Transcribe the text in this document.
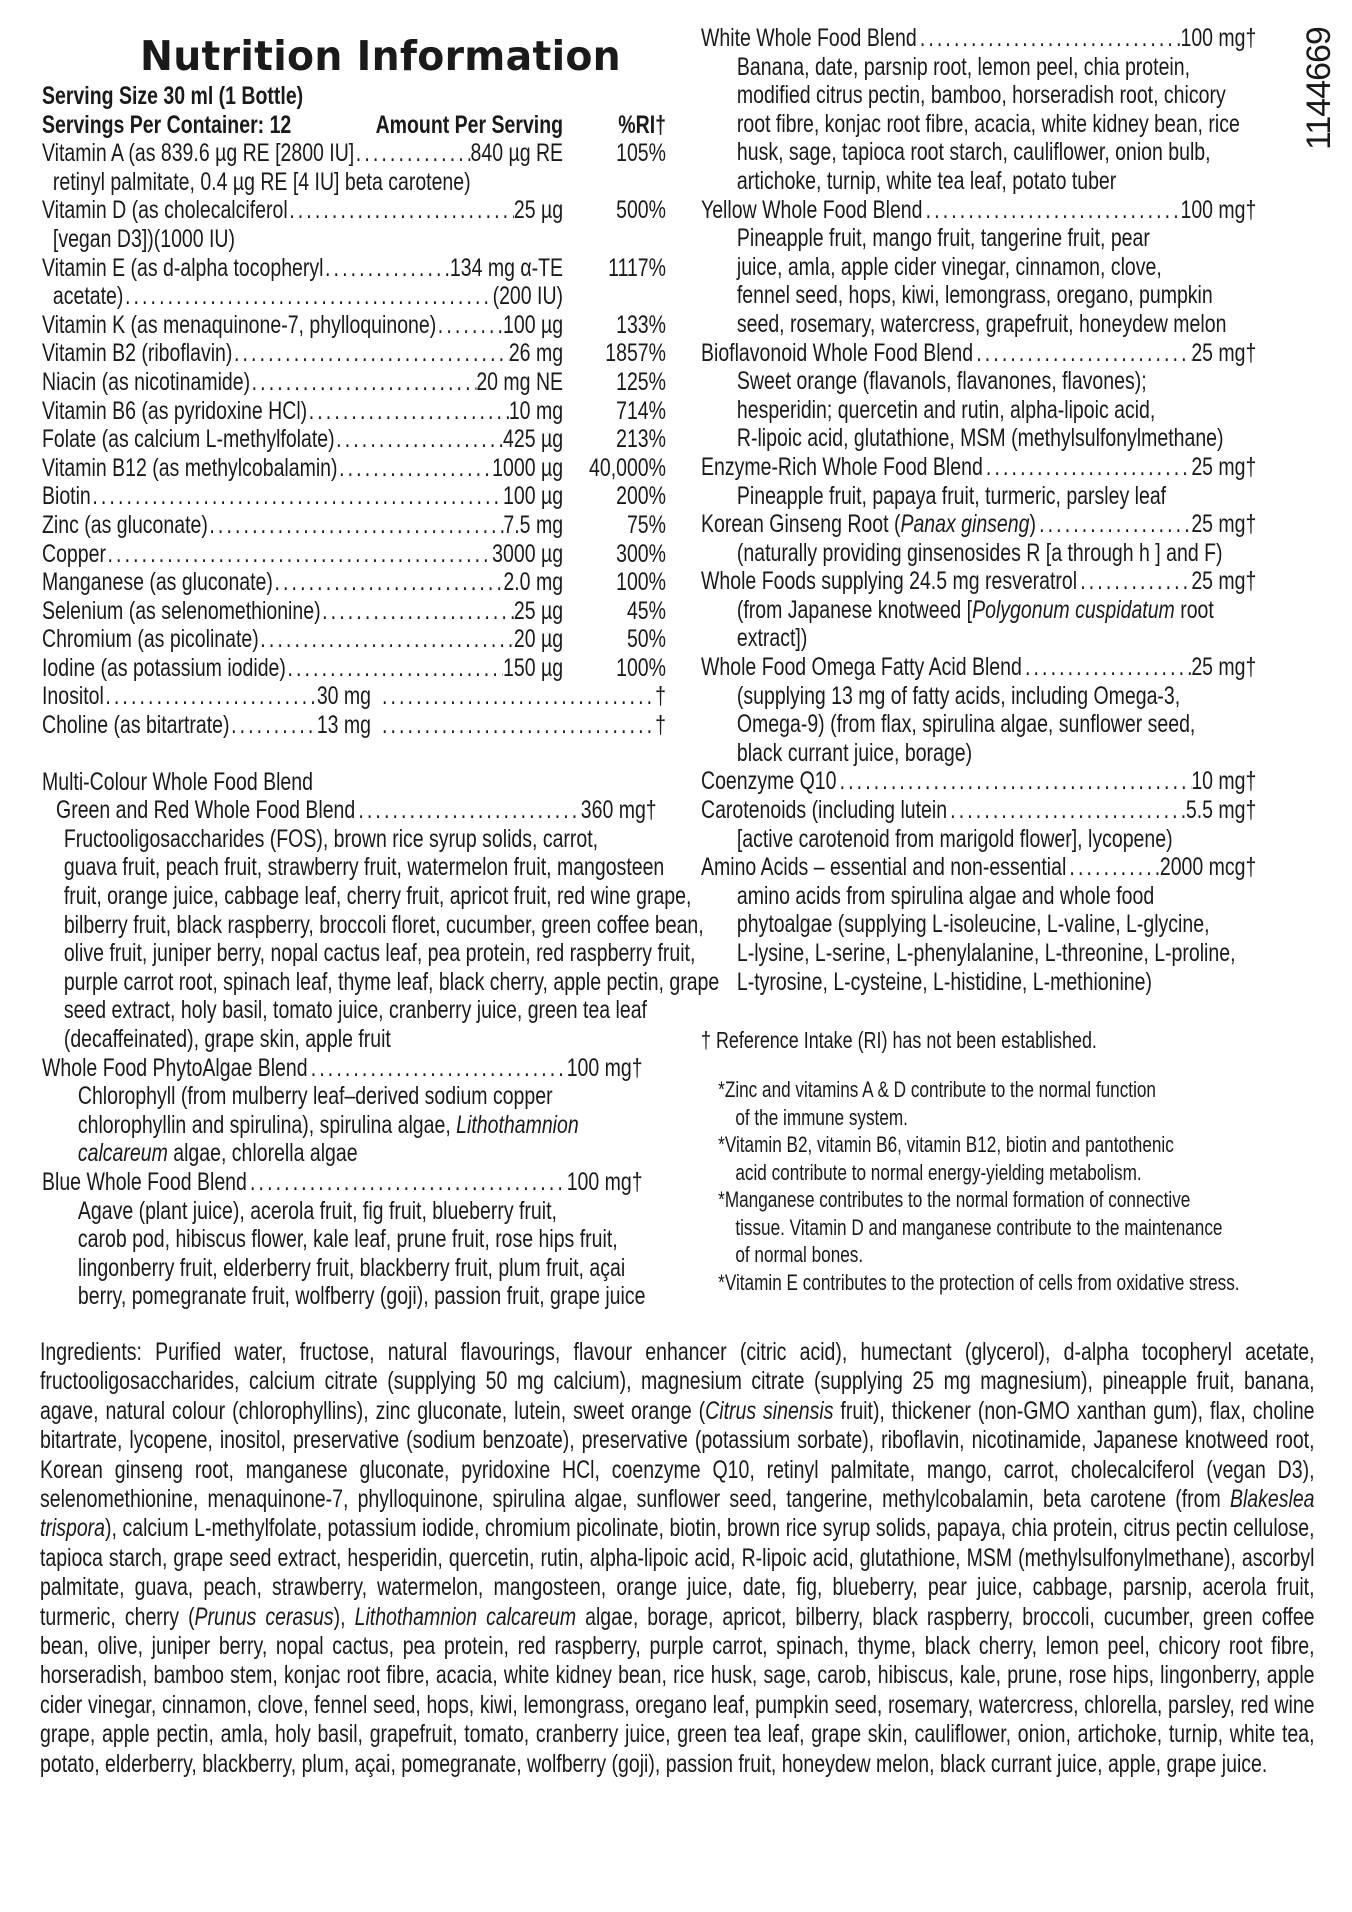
Nutrition Information	1144669
Serving Size 30 ml (1 Bottle)
Servings Per Container: 12	Amount Per Serving	%RI†
Vitamin A (as 839.6 µg RE [2800 IU] .....	840 µg RE	105%
retinyl palmitate, 0.4 µg RE [4 IU] beta carotene)
Vitamin D (as cholecalciferol .....	25 µg	500%
[vegan D3])(1000 IU)
Vitamin E (as d-alpha tocopheryl .....	134 mg α-TE	1117%
acetate) .....	(200 IU)
Vitamin K (as menaquinone-7, phylloquinone) .....	100 µg	133%
Vitamin B2 (riboflavin) .....	26 mg	1857%
Niacin (as nicotinamide) .....	20 mg NE	125%
Vitamin B6 (as pyridoxine HCl) .....	10 mg	714%
Folate (as calcium L-methylfolate) .....	425 µg	213%
Vitamin B12 (as methylcobalamin) .....	1000 µg	40,000%
Biotin .....	100 µg	200%
Zinc (as gluconate) .....	7.5 mg	75%
Copper .....	3000 µg	300%
Manganese (as gluconate) .....	2.0 mg	100%
Selenium (as selenomethionine) .....	25 µg	45%
Chromium (as picolinate) .....	20 µg	50%
Iodine (as potassium iodide) .....	150 µg	100%
Inositol .....	30 mg .....	†
Choline (as bitartrate) .....	13 mg .....	†
Multi-Colour Whole Food Blend
Green and Red Whole Food Blend .....	360 mg†
Fructooligosaccharides (FOS), brown rice syrup solids, carrot,
guava fruit, peach fruit, strawberry fruit, watermelon fruit, mangosteen
fruit, orange juice, cabbage leaf, cherry fruit, apricot fruit, red wine grape,
bilberry fruit, black raspberry, broccoli floret, cucumber, green coffee bean,
olive fruit, juniper berry, nopal cactus leaf, pea protein, red raspberry fruit,
purple carrot root, spinach leaf, thyme leaf, black cherry, apple pectin, grape
seed extract, holy basil, tomato juice, cranberry juice, green tea leaf
(decaffeinated), grape skin, apple fruit
Whole Food PhytoAlgae Blend .....	100 mg†
Chlorophyll (from mulberry leaf–derived sodium copper
chlorophyllin and spirulina), spirulina algae, Lithothamnion
calcareum algae, chlorella algae
Blue Whole Food Blend .....	100 mg†
Agave (plant juice), acerola fruit, fig fruit, blueberry fruit,
carob pod, hibiscus flower, kale leaf, prune fruit, rose hips fruit,
lingonberry fruit, elderberry fruit, blackberry fruit, plum fruit, açai
berry, pomegranate fruit, wolfberry (goji), passion fruit, grape juice
White Whole Food Blend .....	100 mg†
Banana, date, parsnip root, lemon peel, chia protein,
modified citrus pectin, bamboo, horseradish root, chicory
root fibre, konjac root fibre, acacia, white kidney bean, rice
husk, sage, tapioca root starch, cauliflower, onion bulb,
artichoke, turnip, white tea leaf, potato tuber
Yellow Whole Food Blend .....	100 mg†
Pineapple fruit, mango fruit, tangerine fruit, pear
juice, amla, apple cider vinegar, cinnamon, clove,
fennel seed, hops, kiwi, lemongrass, oregano, pumpkin
seed, rosemary, watercress, grapefruit, honeydew melon
Bioflavonoid Whole Food Blend .....	25 mg†
Sweet orange (flavanols, flavanones, flavones);
hesperidin; quercetin and rutin, alpha-lipoic acid,
R-lipoic acid, glutathione, MSM (methylsulfonylmethane)
Enzyme-Rich Whole Food Blend .....	25 mg†
Pineapple fruit, papaya fruit, turmeric, parsley leaf
Korean Ginseng Root (Panax ginseng) .....	25 mg†
(naturally providing ginsenosides R [a through h ] and F)
Whole Foods supplying 24.5 mg resveratrol .....	25 mg†
(from Japanese knotweed [Polygonum cuspidatum root
extract])
Whole Food Omega Fatty Acid Blend .....	25 mg†
(supplying 13 mg of fatty acids, including Omega-3,
Omega-9) (from flax, spirulina algae, sunflower seed,
black currant juice, borage)
Coenzyme Q10 .....	10 mg†
Carotenoids (including lutein .....	5.5 mg†
[active carotenoid from marigold flower], lycopene)
Amino Acids – essential and non-essential .....	2000 mcg†
amino acids from spirulina algae and whole food
phytoalgae (supplying L-isoleucine, L-valine, L-glycine,
L-lysine, L-serine, L-phenylalanine, L-threonine, L-proline,
L-tyrosine, L-cysteine, L-histidine, L-methionine)
† Reference Intake (RI) has not been established.
*Zinc and vitamins A & D contribute to the normal function
of the immune system.
*Vitamin B2, vitamin B6, vitamin B12, biotin and pantothenic
acid contribute to normal energy-yielding metabolism.
*Manganese contributes to the normal formation of connective
tissue. Vitamin D and manganese contribute to the maintenance
of normal bones.
*Vitamin E contributes to the protection of cells from oxidative stress.
Ingredients: Purified water, fructose, natural flavourings, flavour enhancer (citric acid), humectant (glycerol), d-alpha tocopheryl acetate, fructooligosaccharides, calcium citrate (supplying 50 mg calcium), magnesium citrate (supplying 25 mg magnesium), pineapple fruit, banana, agave, natural colour (chlorophyllins), zinc gluconate, lutein, sweet orange (Citrus sinensis fruit), thickener (non-GMO xanthan gum), flax, choline bitartrate, lycopene, inositol, preservative (sodium benzoate), preservative (potassium sorbate), riboflavin, nicotinamide, Japanese knotweed root, Korean ginseng root, manganese gluconate, pyridoxine HCl, coenzyme Q10, retinyl palmitate, mango, carrot, cholecalciferol (vegan D3), selenomethionine, menaquinone-7, phylloquinone, spirulina algae, sunflower seed, tangerine, methylcobalamin, beta carotene (from Blakeslea trispora), calcium L-methylfolate, potassium iodide, chromium picolinate, biotin, brown rice syrup solids, papaya, chia protein, citrus pectin cellulose, tapioca starch, grape seed extract, hesperidin, quercetin, rutin, alpha-lipoic acid, R-lipoic acid, glutathione, MSM (methylsulfonylmethane), ascorbyl palmitate, guava, peach, strawberry, watermelon, mangosteen, orange juice, date, fig, blueberry, pear juice, cabbage, parsnip, acerola fruit, turmeric, cherry (Prunus cerasus), Lithothamnion calcareum algae, borage, apricot, bilberry, black raspberry, broccoli, cucumber, green coffee bean, olive, juniper berry, nopal cactus, pea protein, red raspberry, purple carrot, spinach, thyme, black cherry, lemon peel, chicory root fibre, horseradish, bamboo stem, konjac root fibre, acacia, white kidney bean, rice husk, sage, carob, hibiscus, kale, prune, rose hips, lingonberry, apple cider vinegar, cinnamon, clove, fennel seed, hops, kiwi, lemongrass, oregano leaf, pumpkin seed, rosemary, watercress, chlorella, parsley, red wine grape, apple pectin, amla, holy basil, grapefruit, tomato, cranberry juice, green tea leaf, grape skin, cauliflower, onion, artichoke, turnip, white tea, potato, elderberry, blackberry, plum, açai, pomegranate, wolfberry (goji), passion fruit, honeydew melon, black currant juice, apple, grape juice.
